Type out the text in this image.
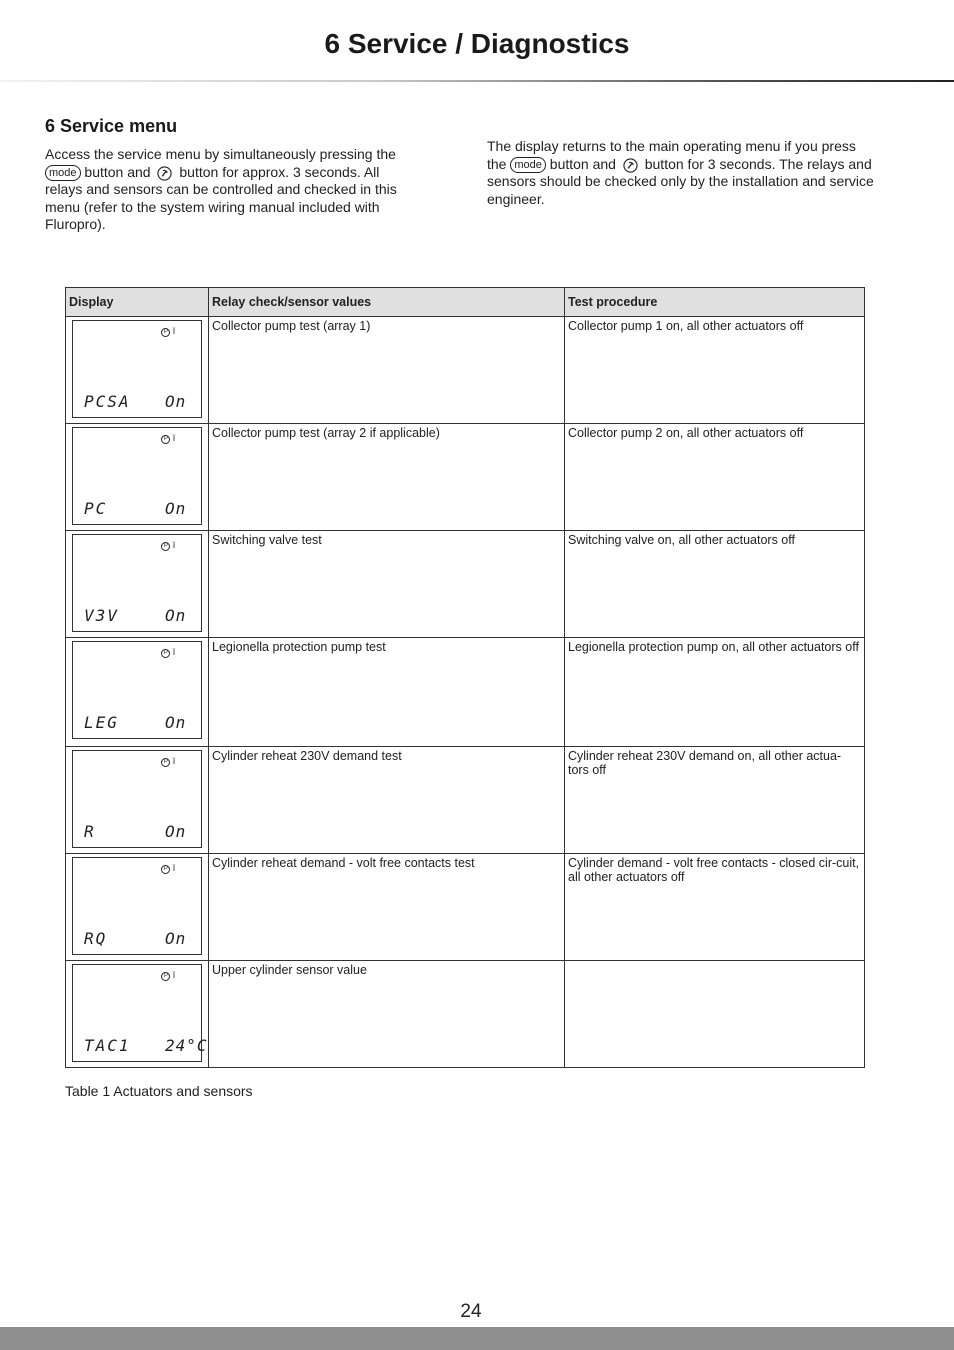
6 Service / Diagnostics
6 Service menu
Access the service menu by simultaneously pressing the mode button and button for approx. 3 seconds. All relays and sensors can be controlled and checked in this menu (refer to the system wiring manual included with Fluropro).
The display returns to the main operating menu if you press the mode button and button for 3 seconds. The relays and sensors should be checked only by the installation and service engineer.
Display	Relay check/sensor values	Test procedure

P ǐ
PCSA On	Collector pump test (array 1)	Collector pump 1 on, all other actuators off

P ǐ
PC On	Collector pump test (array 2 if applicable)	Collector pump 2 on, all other actuators off

P ǐ
V3V On	Switching valve test	Switching valve on, all other actuators off

P ǐ
LEG On	Legionella protection pump test	Legionella protection pump on, all other actuators off

P ǐ
R On	Cylinder reheat 230V demand test	Cylinder reheat 230V demand on, all other actua-tors off

P ǐ
RQ On	Cylinder reheat demand - volt free contacts test	Cylinder demand - volt free contacts - closed cir-cuit, all other actuators off

P ǐ
TAC1 24°C	Upper cylinder sensor value	
Table 1 Actuators and sensors
24
